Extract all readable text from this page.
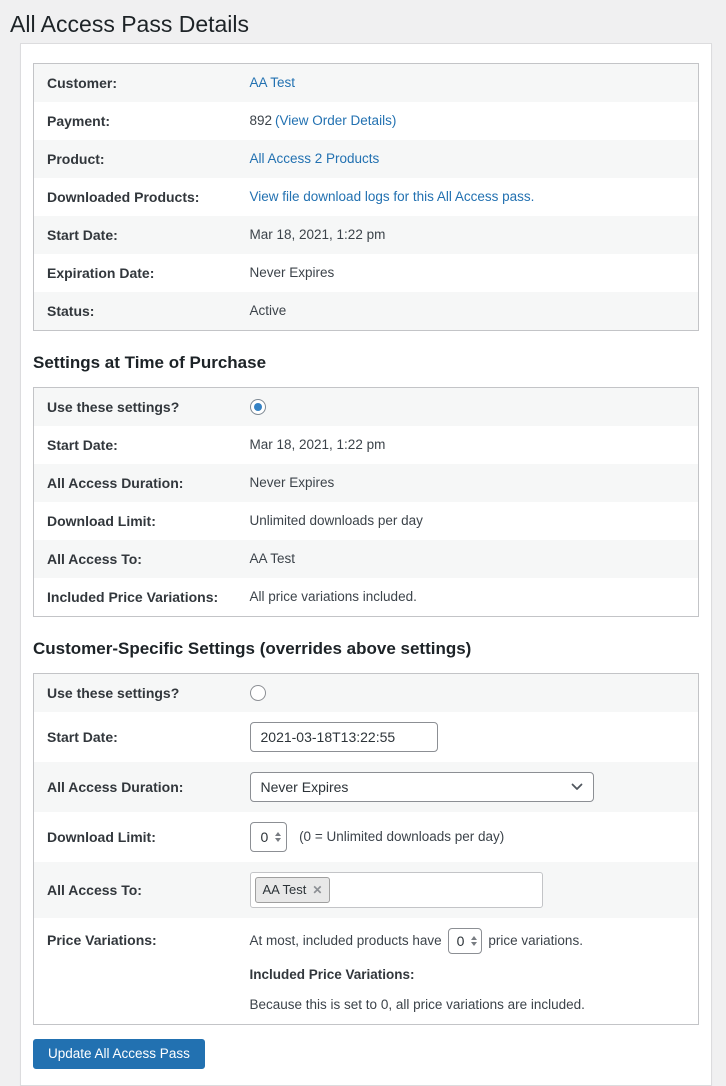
All Access Pass Details
Customer:	AA Test
Payment:	892 (View Order Details)
Product:	All Access 2 Products
Downloaded Products:	View file download logs for this All Access pass.
Start Date:	Mar 18, 2021, 1:22 pm
Expiration Date:	Never Expires
Status:	Active
Settings at Time of Purchase
Use these settings?	

Start Date:	Mar 18, 2021, 1:22 pm
All Access Duration:	Never Expires
Download Limit:	Unlimited downloads per day
All Access To:	AA Test
Included Price Variations:	All price variations included.
Customer-Specific Settings (overrides above settings)
Use these settings?	
Start Date:	2021-03-18T13:22:55
All Access Duration:	Never Expires

Download Limit:	0 (0 = Unlimited downloads per day)
All Access To:	AA Test ✕

Price Variations:	At most, included products have 0 price variations.
Included Price Variations:
Because this is set to 0, all price variations are included.
Update All Access Pass
